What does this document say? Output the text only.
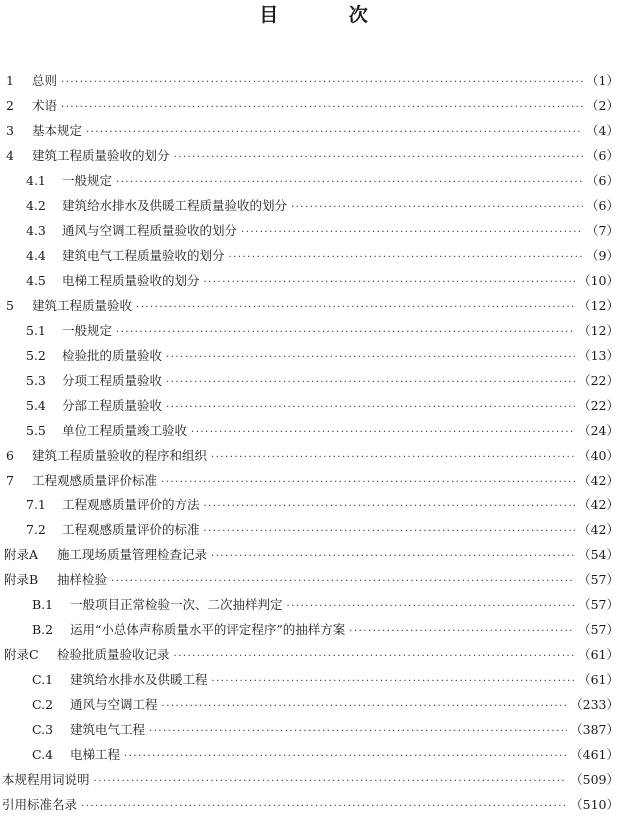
目 次
1	总则 ·····	（1）
2	术语 ·····	（2）
3	基本规定 ·····	（4）
4	建筑工程质量验收的划分 ·····	（6）
4.1	一般规定 ·····	（6）
4.2	建筑给水排水及供暖工程质量验收的划分 ·····	（6）
4.3	通风与空调工程质量验收的划分 ·····	（7）
4.4	建筑电气工程质量验收的划分 ·····	（9）
4.5	电梯工程质量验收的划分 ·····	（10）
5	建筑工程质量验收 ·····	（12）
5.1	一般规定 ·····	（12）
5.2	检验批的质量验收 ·····	（13）
5.3	分项工程质量验收 ·····	（22）
5.4	分部工程质量验收 ·····	（22）
5.5	单位工程质量竣工验收 ·····	（24）
6	建筑工程质量验收的程序和组织 ·····	（40）
7	工程观感质量评价标准 ·····	（42）
7.1	工程观感质量评价的方法 ·····	（42）
7.2	工程观感质量评价的标准 ·····	（42）
附录A	施工现场质量管理检查记录 ·····	（54）
附录B	抽样检验 ·····	（57）
B.1	一般项目正常检验一次、二次抽样判定 ·····	（57）
B.2	运用“小总体声称质量水平的评定程序”的抽样方案 ·····	（57）
附录C	检验批质量验收记录 ·····	（61）
C.1	建筑给水排水及供暖工程 ·····	（61）
C.2	通风与空调工程 ·····	（233）
C.3	建筑电气工程 ·····	（387）
C.4	电梯工程 ·····	（461）
本规程用词说明 ·····	（509）
引用标准名录 ·····	（510）
